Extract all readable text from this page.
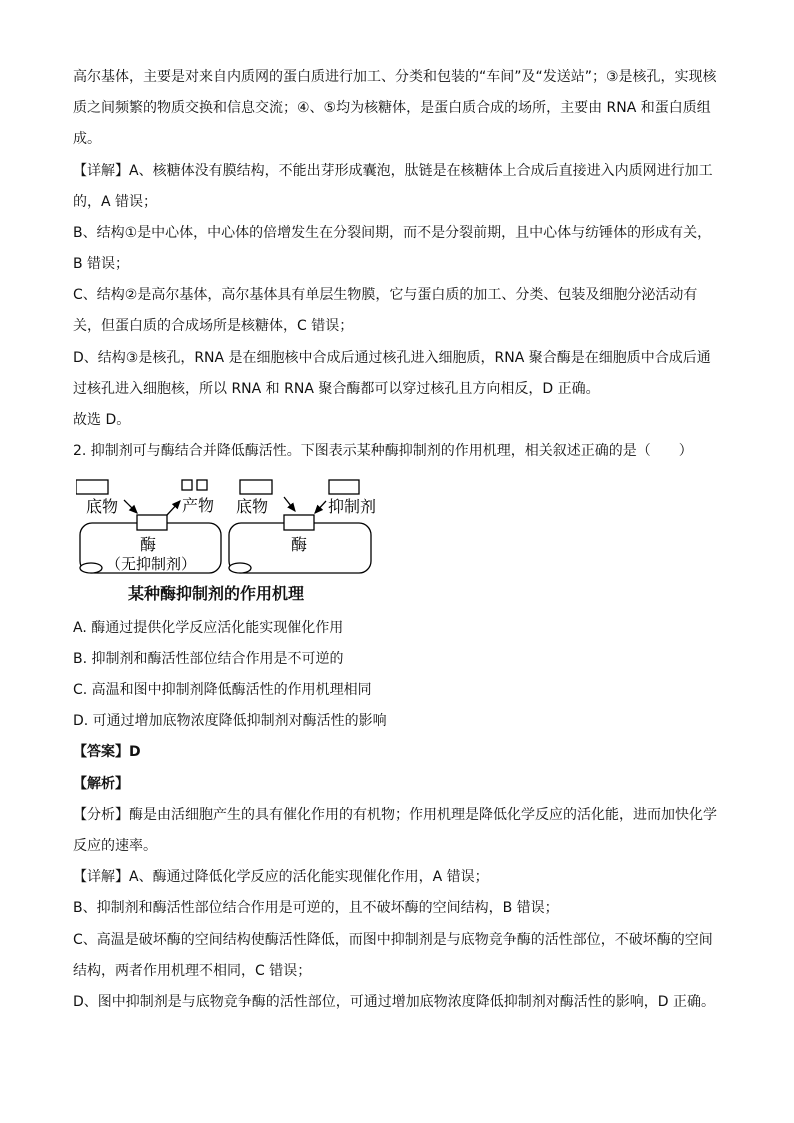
高尔基体，主要是对来自内质网的蛋白质进行加工、分类和包装的“车间”及“发送站”；③是核孔，实现核
质之间频繁的物质交换和信息交流；④、⑤均为核糖体，是蛋白质合成的场所，主要由 RNA 和蛋白质组
成。
【详解】A、核糖体没有膜结构，不能出芽形成囊泡，肽链是在核糖体上合成后直接进入内质网进行加工
的，A 错误；
B、结构①是中心体，中心体的倍增发生在分裂间期，而不是分裂前期，且中心体与纺锤体的形成有关，
B 错误；
C、结构②是高尔基体，高尔基体具有单层生物膜，它与蛋白质的加工、分类、包装及细胞分泌活动有
关，但蛋白质的合成场所是核糖体，C 错误；
D、结构③是核孔，RNA 是在细胞核中合成后通过核孔进入细胞质，RNA 聚合酶是在细胞质中合成后通
过核孔进入细胞核，所以 RNA 和 RNA 聚合酶都可以穿过核孔且方向相反，D 正确。
故选 D。
2. 抑制剂可与酶结合并降低酶活性。下图表示某种酶抑制剂的作用机理，相关叙述正确的是（　　）
底物	产物
酶
（无抑制剂）
底物	抑制剂
酶
某种酶抑制剂的作用机理
A. 酶通过提供化学反应活化能实现催化作用
B. 抑制剂和酶活性部位结合作用是不可逆的
C. 高温和图中抑制剂降低酶活性的作用机理相同
D. 可通过增加底物浓度降低抑制剂对酶活性的影响
【答案】D
【解析】
【分析】酶是由活细胞产生的具有催化作用的有机物；作用机理是降低化学反应的活化能，进而加快化学
反应的速率。
【详解】A、酶通过降低化学反应的活化能实现催化作用，A 错误；
B、抑制剂和酶活性部位结合作用是可逆的，且不破坏酶的空间结构，B 错误；
C、高温是破坏酶的空间结构使酶活性降低，而图中抑制剂是与底物竞争酶的活性部位，不破坏酶的空间
结构，两者作用机理不相同，C 错误；
D、图中抑制剂是与底物竞争酶的活性部位，可通过增加底物浓度降低抑制剂对酶活性的影响，D 正确。
